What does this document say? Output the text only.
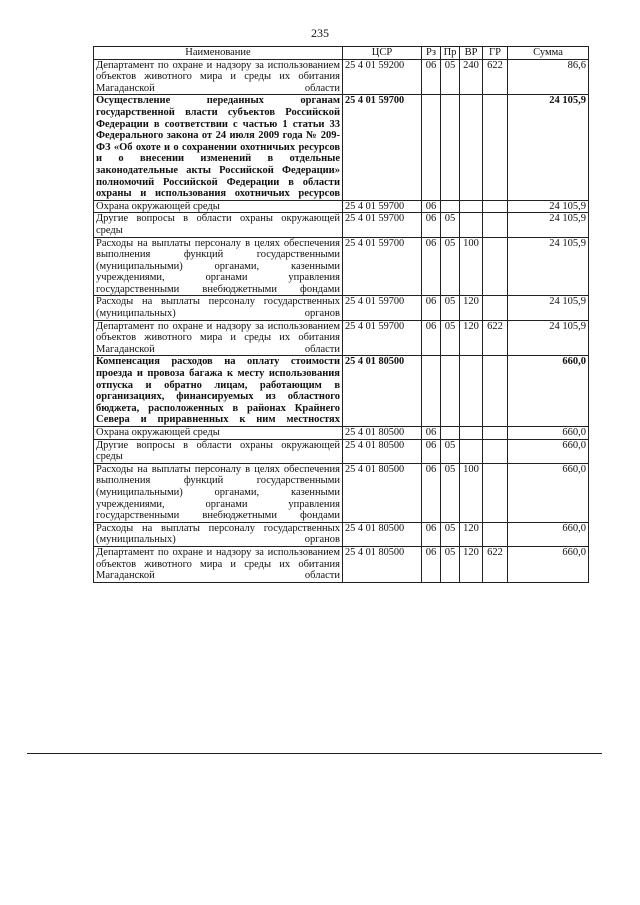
235
Наименование	ЦСР	Рз	Пр	ВР	ГР	Сумма
Департамент по охране и надзору за использованием объектов животного мира и среды их обитания Магаданской области	25 4 01 59200	06	05	240	622	86,6
Осуществление переданных органам государственной власти субъектов Российской Федерации в соответствии с частью 1 статьи 33 Федерального закона от 24 июля 2009 года № 209-ФЗ «Об охоте и о сохранении охотничьих ресурсов и о внесении изменений в отдельные законодательные акты Российской Федерации» полномочий Российской Федерации в области охраны и использования охотничьих ресурсов	25 4 01 59700					24 105,9
Охрана окружающей среды	25 4 01 59700	06				24 105,9
Другие вопросы в области охраны окружающей среды	25 4 01 59700	06	05			24 105,9
Расходы на выплаты персоналу в целях обеспечения выполнения функций государственными (муниципальными) органами, казенными учреждениями, органами управления государственными внебюджетными фондами	25 4 01 59700	06	05	100		24 105,9
Расходы на выплаты персоналу государственных (муниципальных) органов	25 4 01 59700	06	05	120		24 105,9
Департамент по охране и надзору за использованием объектов животного мира и среды их обитания Магаданской области	25 4 01 59700	06	05	120	622	24 105,9
Компенсация расходов на оплату стоимости проезда и провоза багажа к месту использования отпуска и обратно лицам, работающим в организациях, финансируемых из областного бюджета, расположенных в районах Крайнего Севера и приравненных к ним местностях	25 4 01 80500					660,0
Охрана окружающей среды	25 4 01 80500	06				660,0
Другие вопросы в области охраны окружающей среды	25 4 01 80500	06	05			660,0
Расходы на выплаты персоналу в целях обеспечения выполнения функций государственными (муниципальными) органами, казенными учреждениями, органами управления государственными внебюджетными фондами	25 4 01 80500	06	05	100		660,0
Расходы на выплаты персоналу государственных (муниципальных) органов	25 4 01 80500	06	05	120		660,0
Департамент по охране и надзору за использованием объектов животного мира и среды их обитания Магаданской области	25 4 01 80500	06	05	120	622	660,0
